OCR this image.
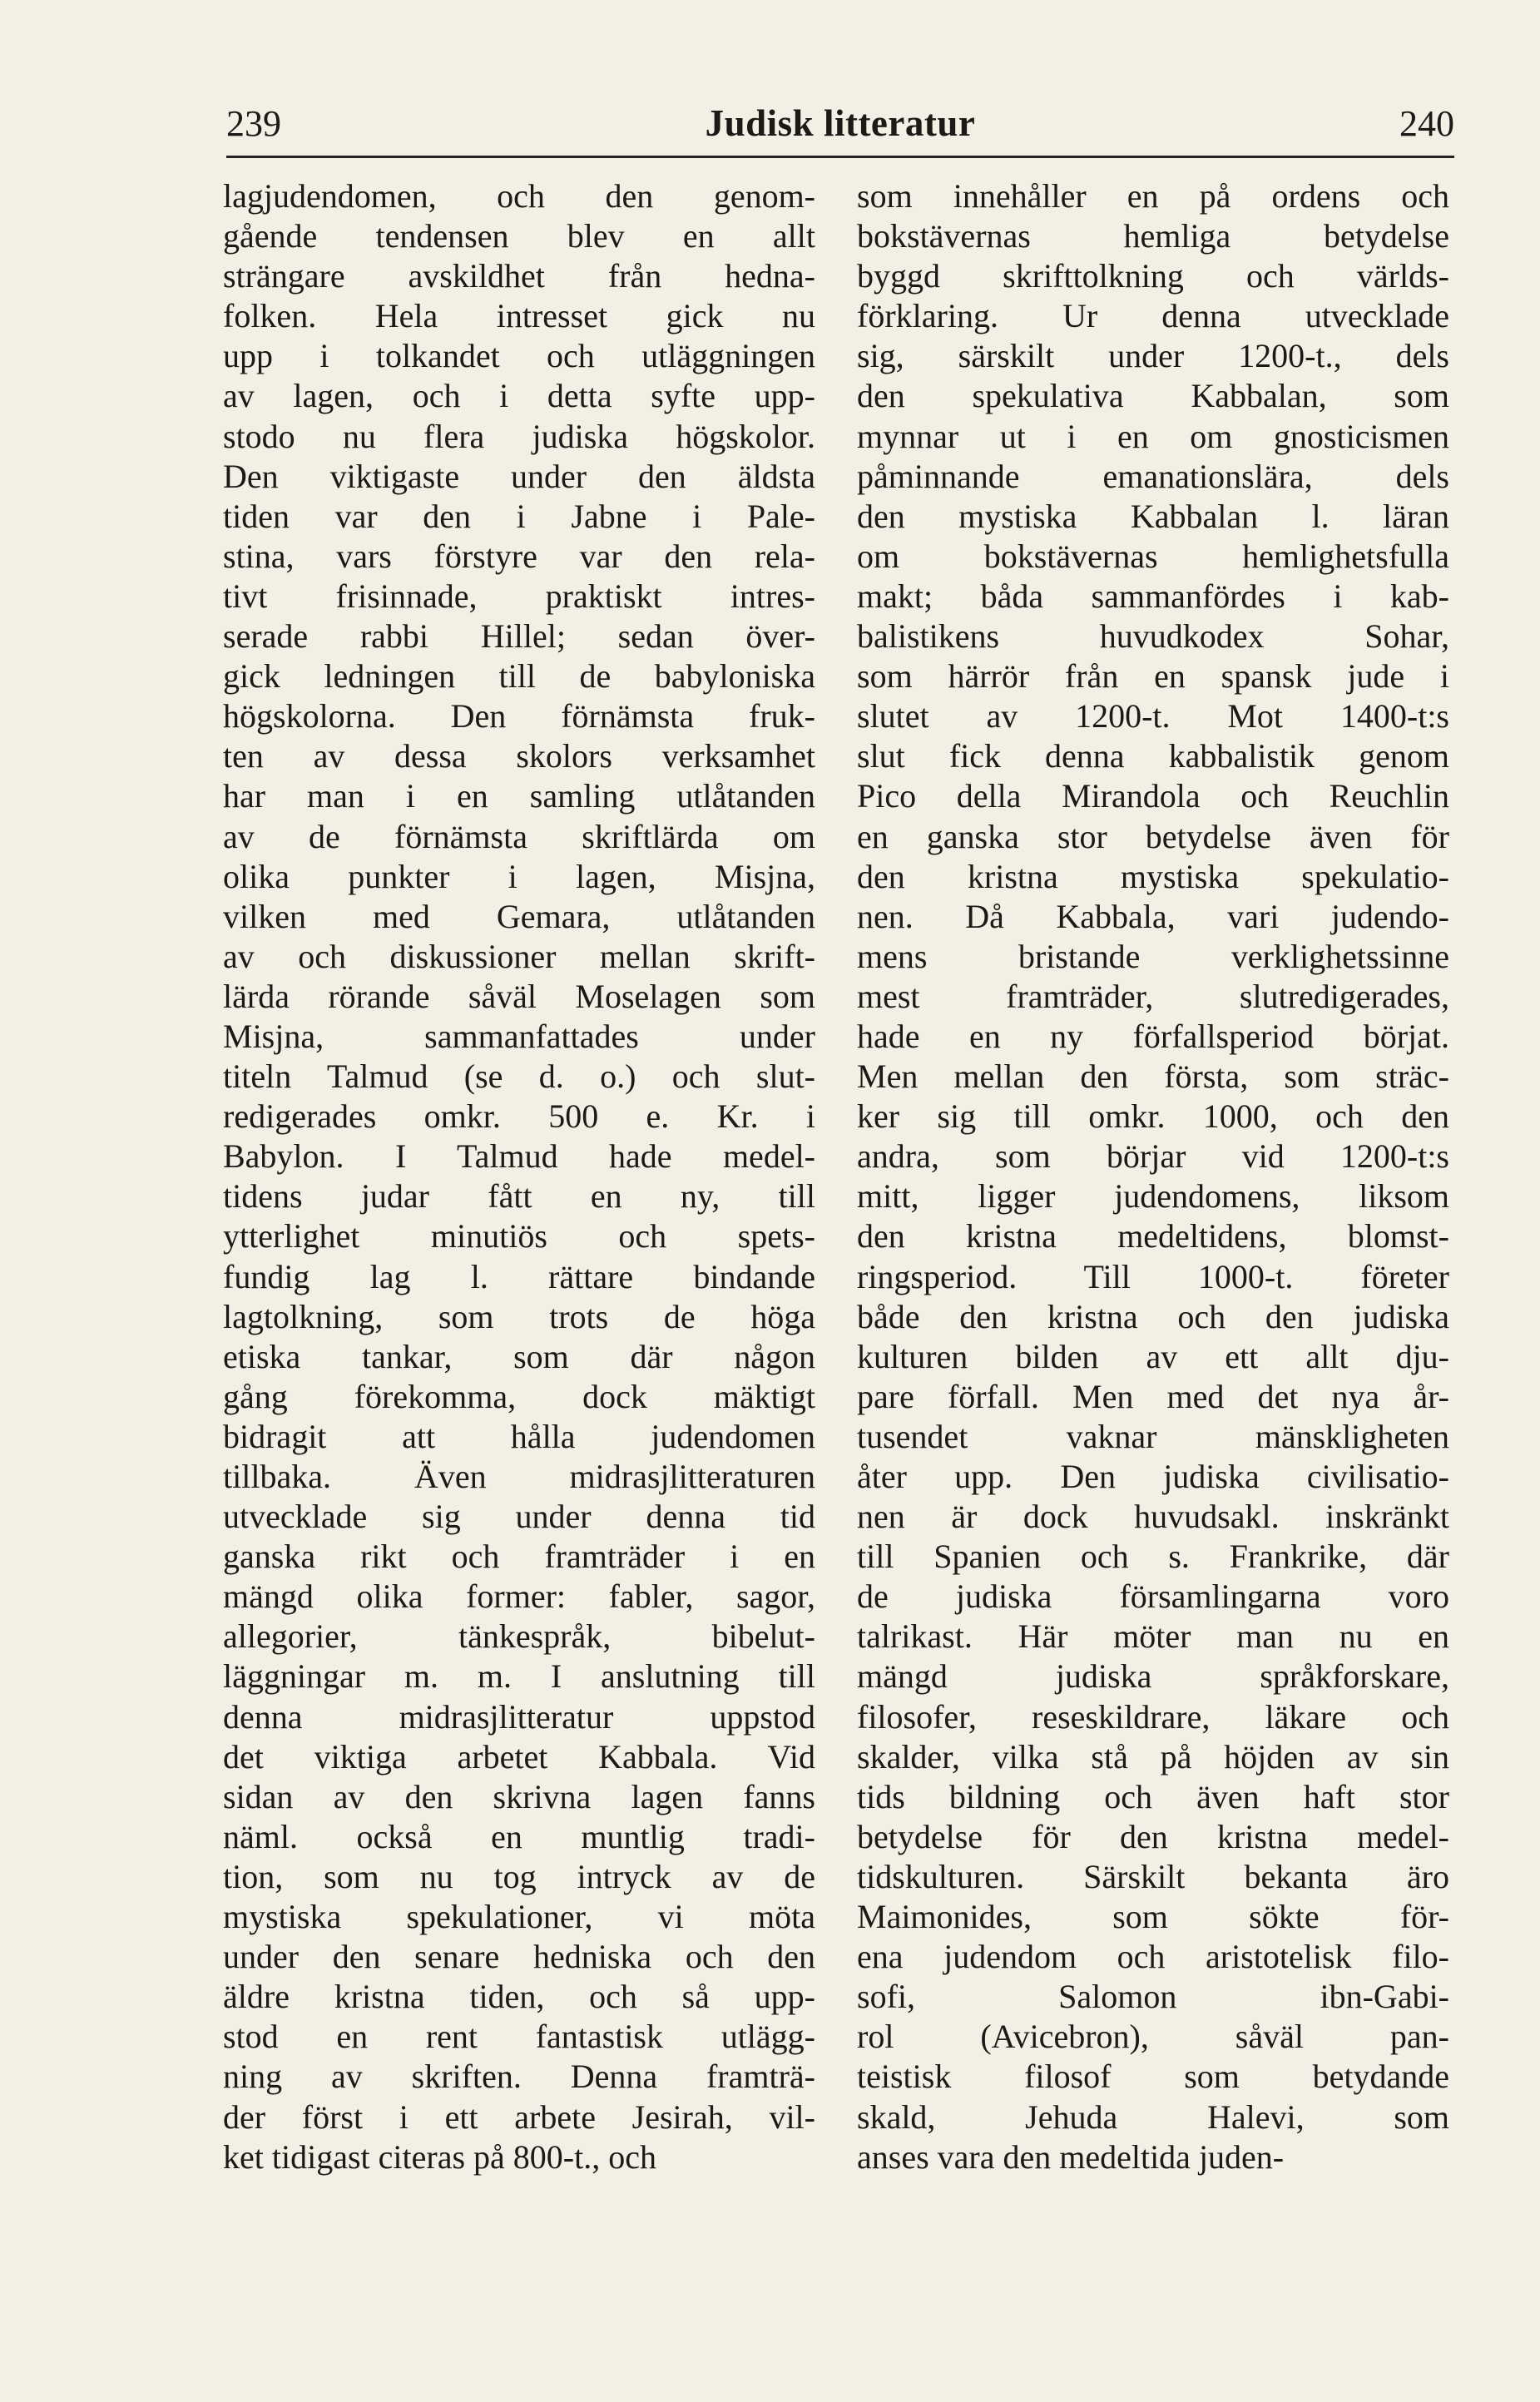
239	Judisk litteratur	240
lagjudendomen, och den genom-
gående tendensen blev en allt
strängare avskildhet från hedna-
folken. Hela intresset gick nu
upp i tolkandet och utläggningen
av lagen, och i detta syfte upp-
stodo nu flera judiska högskolor.
Den viktigaste under den äldsta
tiden var den i Jabne i Pale-
stina, vars förstyre var den rela-
tivt frisinnade, praktiskt intres-
serade rabbi Hillel; sedan över-
gick ledningen till de babyloniska
högskolorna. Den förnämsta fruk-
ten av dessa skolors verksamhet
har man i en samling utlåtanden
av de förnämsta skriftlärda om
olika punkter i lagen, Misjna,
vilken med Gemara, utlåtanden
av och diskussioner mellan skrift-
lärda rörande såväl Moselagen som
Misjna, sammanfattades under
titeln Talmud (se d. o.) och slut-
redigerades omkr. 500 e. Kr. i
Babylon. I Talmud hade medel-
tidens judar fått en ny, till
ytterlighet minutiös och spets-
fundig lag l. rättare bindande
lagtolkning, som trots de höga
etiska tankar, som där någon
gång förekomma, dock mäktigt
bidragit att hålla judendomen
tillbaka. Även midrasjlitteraturen
utvecklade sig under denna tid
ganska rikt och framträder i en
mängd olika former: fabler, sagor,
allegorier, tänkespråk, bibelut-
läggningar m. m. I anslutning till
denna midrasjlitteratur uppstod
det viktiga arbetet Kabbala. Vid
sidan av den skrivna lagen fanns
näml. också en muntlig tradi-
tion, som nu tog intryck av de
mystiska spekulationer, vi möta
under den senare hedniska och den
äldre kristna tiden, och så upp-
stod en rent fantastisk utlägg-
ning av skriften. Denna framträ-
der först i ett arbete Jesirah, vil-
ket tidigast citeras på 800-t., och
som innehåller en på ordens och
bokstävernas hemliga betydelse
byggd skrifttolkning och världs-
förklaring. Ur denna utvecklade
sig, särskilt under 1200-t., dels
den spekulativa Kabbalan, som
mynnar ut i en om gnosticismen
påminnande emanationslära, dels
den mystiska Kabbalan l. läran
om bokstävernas hemlighetsfulla
makt; båda sammanfördes i kab-
balistikens huvudkodex Sohar,
som härrör från en spansk jude i
slutet av 1200-t. Mot 1400-t:s
slut fick denna kabbalistik genom
Pico della Mirandola och Reuchlin
en ganska stor betydelse även för
den kristna mystiska spekulatio-
nen. Då Kabbala, vari judendo-
mens bristande verklighetssinne
mest framträder, slutredigerades,
hade en ny förfallsperiod börjat.
Men mellan den första, som sträc-
ker sig till omkr. 1000, och den
andra, som börjar vid 1200-t:s
mitt, ligger judendomens, liksom
den kristna medeltidens, blomst-
ringsperiod. Till 1000-t. företer
både den kristna och den judiska
kulturen bilden av ett allt dju-
pare förfall. Men med det nya år-
tusendet vaknar mänskligheten
åter upp. Den judiska civilisatio-
nen är dock huvudsakl. inskränkt
till Spanien och s. Frankrike, där
de judiska församlingarna voro
talrikast. Här möter man nu en
mängd judiska språkforskare,
filosofer, reseskildrare, läkare och
skalder, vilka stå på höjden av sin
tids bildning och även haft stor
betydelse för den kristna medel-
tidskulturen. Särskilt bekanta äro
Maimonides, som sökte för-
ena judendom och aristotelisk filo-
sofi, Salomon ibn-Gabi-
rol (Avicebron), såväl pan-
teistisk filosof som betydande
skald, Jehuda Halevi, som
anses vara den medeltida juden-
